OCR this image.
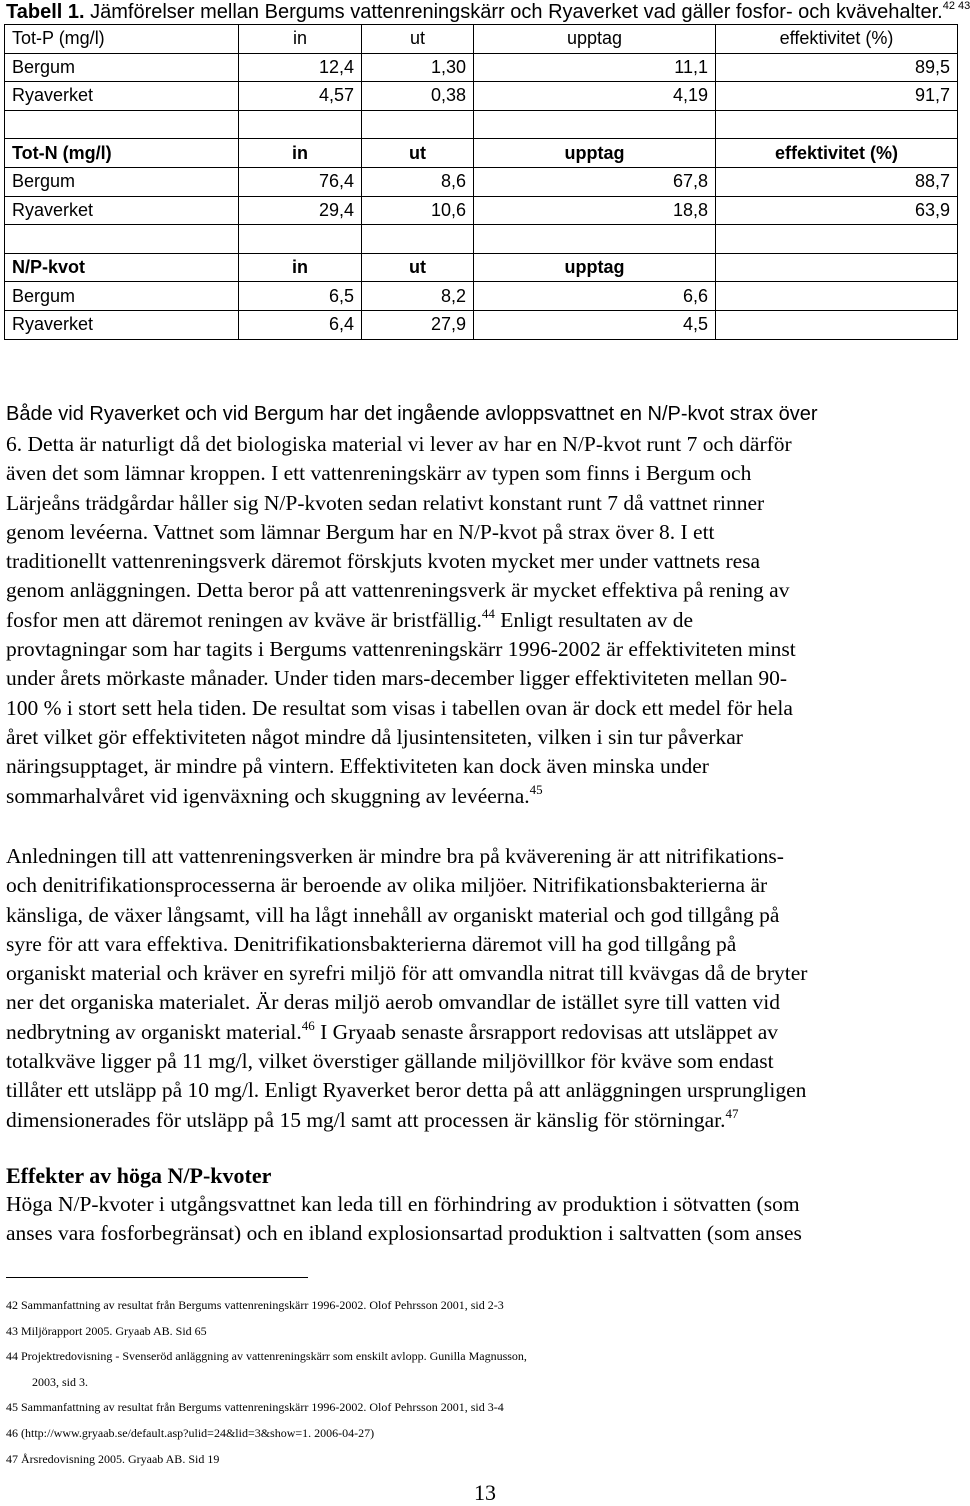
Tabell 1. Jämförelser mellan Bergums vattenreningskärr och Ryaverket vad gäller fosfor- och kvävehalter.$^{42 43}$
Tot-P (mg/l)	in	ut	upptag	effektivitet (%)
Bergum	12,4	1,30	11,1	89,5
Ryaverket	4,57	0,38	4,19	91,7

Tot-N (mg/l)	in	ut	upptag	effektivitet (%)
Bergum	76,4	8,6	67,8	88,7
Ryaverket	29,4	10,6	18,8	63,9

N/P-kvot	in	ut	upptag	
Bergum	6,5	8,2	6,6	
Ryaverket	6,4	27,9	4,5	
Både vid Ryaverket och vid Bergum har det ingående avloppsvattnet en N/P-kvot strax över
6. Detta är naturligt då det biologiska material vi lever av har en N/P-kvot runt 7 och därför
även det som lämnar kroppen. I ett vattenreningskärr av typen som finns i Bergum och
Lärjeåns trädgårdar håller sig N/P-kvoten sedan relativt konstant runt 7 då vattnet rinner
genom levéerna. Vattnet som lämnar Bergum har en N/P-kvot på strax över 8. I ett
traditionellt vattenreningsverk däremot förskjuts kvoten mycket mer under vattnets resa
genom anläggningen. Detta beror på att vattenreningsverk är mycket effektiva på rening av
fosfor men att däremot reningen av kväve är bristfällig.$^{44}$ Enligt resultaten av de
provtagningar som har tagits i Bergums vattenreningskärr 1996-2002 är effektiviteten minst
under årets mörkaste månader. Under tiden mars-december ligger effektiviteten mellan 90-
100 % i stort sett hela tiden. De resultat som visas i tabellen ovan är dock ett medel för hela
året vilket gör effektiviteten något mindre då ljusintensiteten, vilken i sin tur påverkar
näringsupptaget, är mindre på vintern. Effektiviteten kan dock även minska under
sommarhalvåret vid igenväxning och skuggning av levéerna.$^{45}$
Anledningen till att vattenreningsverken är mindre bra på kväverening är att nitrifikations-
och denitrifikationsprocesserna är beroende av olika miljöer. Nitrifikationsbakterierna är
känsliga, de växer långsamt, vill ha lågt innehåll av organiskt material och god tillgång på
syre för att vara effektiva. Denitrifikationsbakterierna däremot vill ha god tillgång på
organiskt material och kräver en syrefri miljö för att omvandla nitrat till kvävgas då de bryter
ner det organiska materialet. Är deras miljö aerob omvandlar de istället syre till vatten vid
nedbrytning av organiskt material.$^{46}$ I Gryaab senaste årsrapport redovisas att utsläppet av
totalkväve ligger på 11 mg/l, vilket överstiger gällande miljövillkor för kväve som endast
tillåter ett utsläpp på 10 mg/l. Enligt Ryaverket beror detta på att anläggningen ursprungligen
dimensionerades för utsläpp på 15 mg/l samt att processen är känslig för störningar.$^{47}$
Effekter av höga N/P-kvoter
Höga N/P-kvoter i utgångsvattnet kan leda till en förhindring av produktion i sötvatten (som
anses vara fosforbegränsat) och en ibland explosionsartad produktion i saltvatten (som anses
42 Sammanfattning av resultat från Bergums vattenreningskärr 1996-2002. Olof Pehrsson 2001, sid 2-3
43 Miljörapport 2005. Gryaab AB. Sid 65
44 Projektredovisning - Svenseröd anläggning av vattenreningskärr som enskilt avlopp. Gunilla Magnusson,
2003, sid 3.
45 Sammanfattning av resultat från Bergums vattenreningskärr 1996-2002. Olof Pehrsson 2001, sid 3-4
46 (http://www.gryaab.se/default.asp?ulid=24&lid=3&show=1. 2006-04-27)
47 Årsredovisning 2005. Gryaab AB. Sid 19
13
